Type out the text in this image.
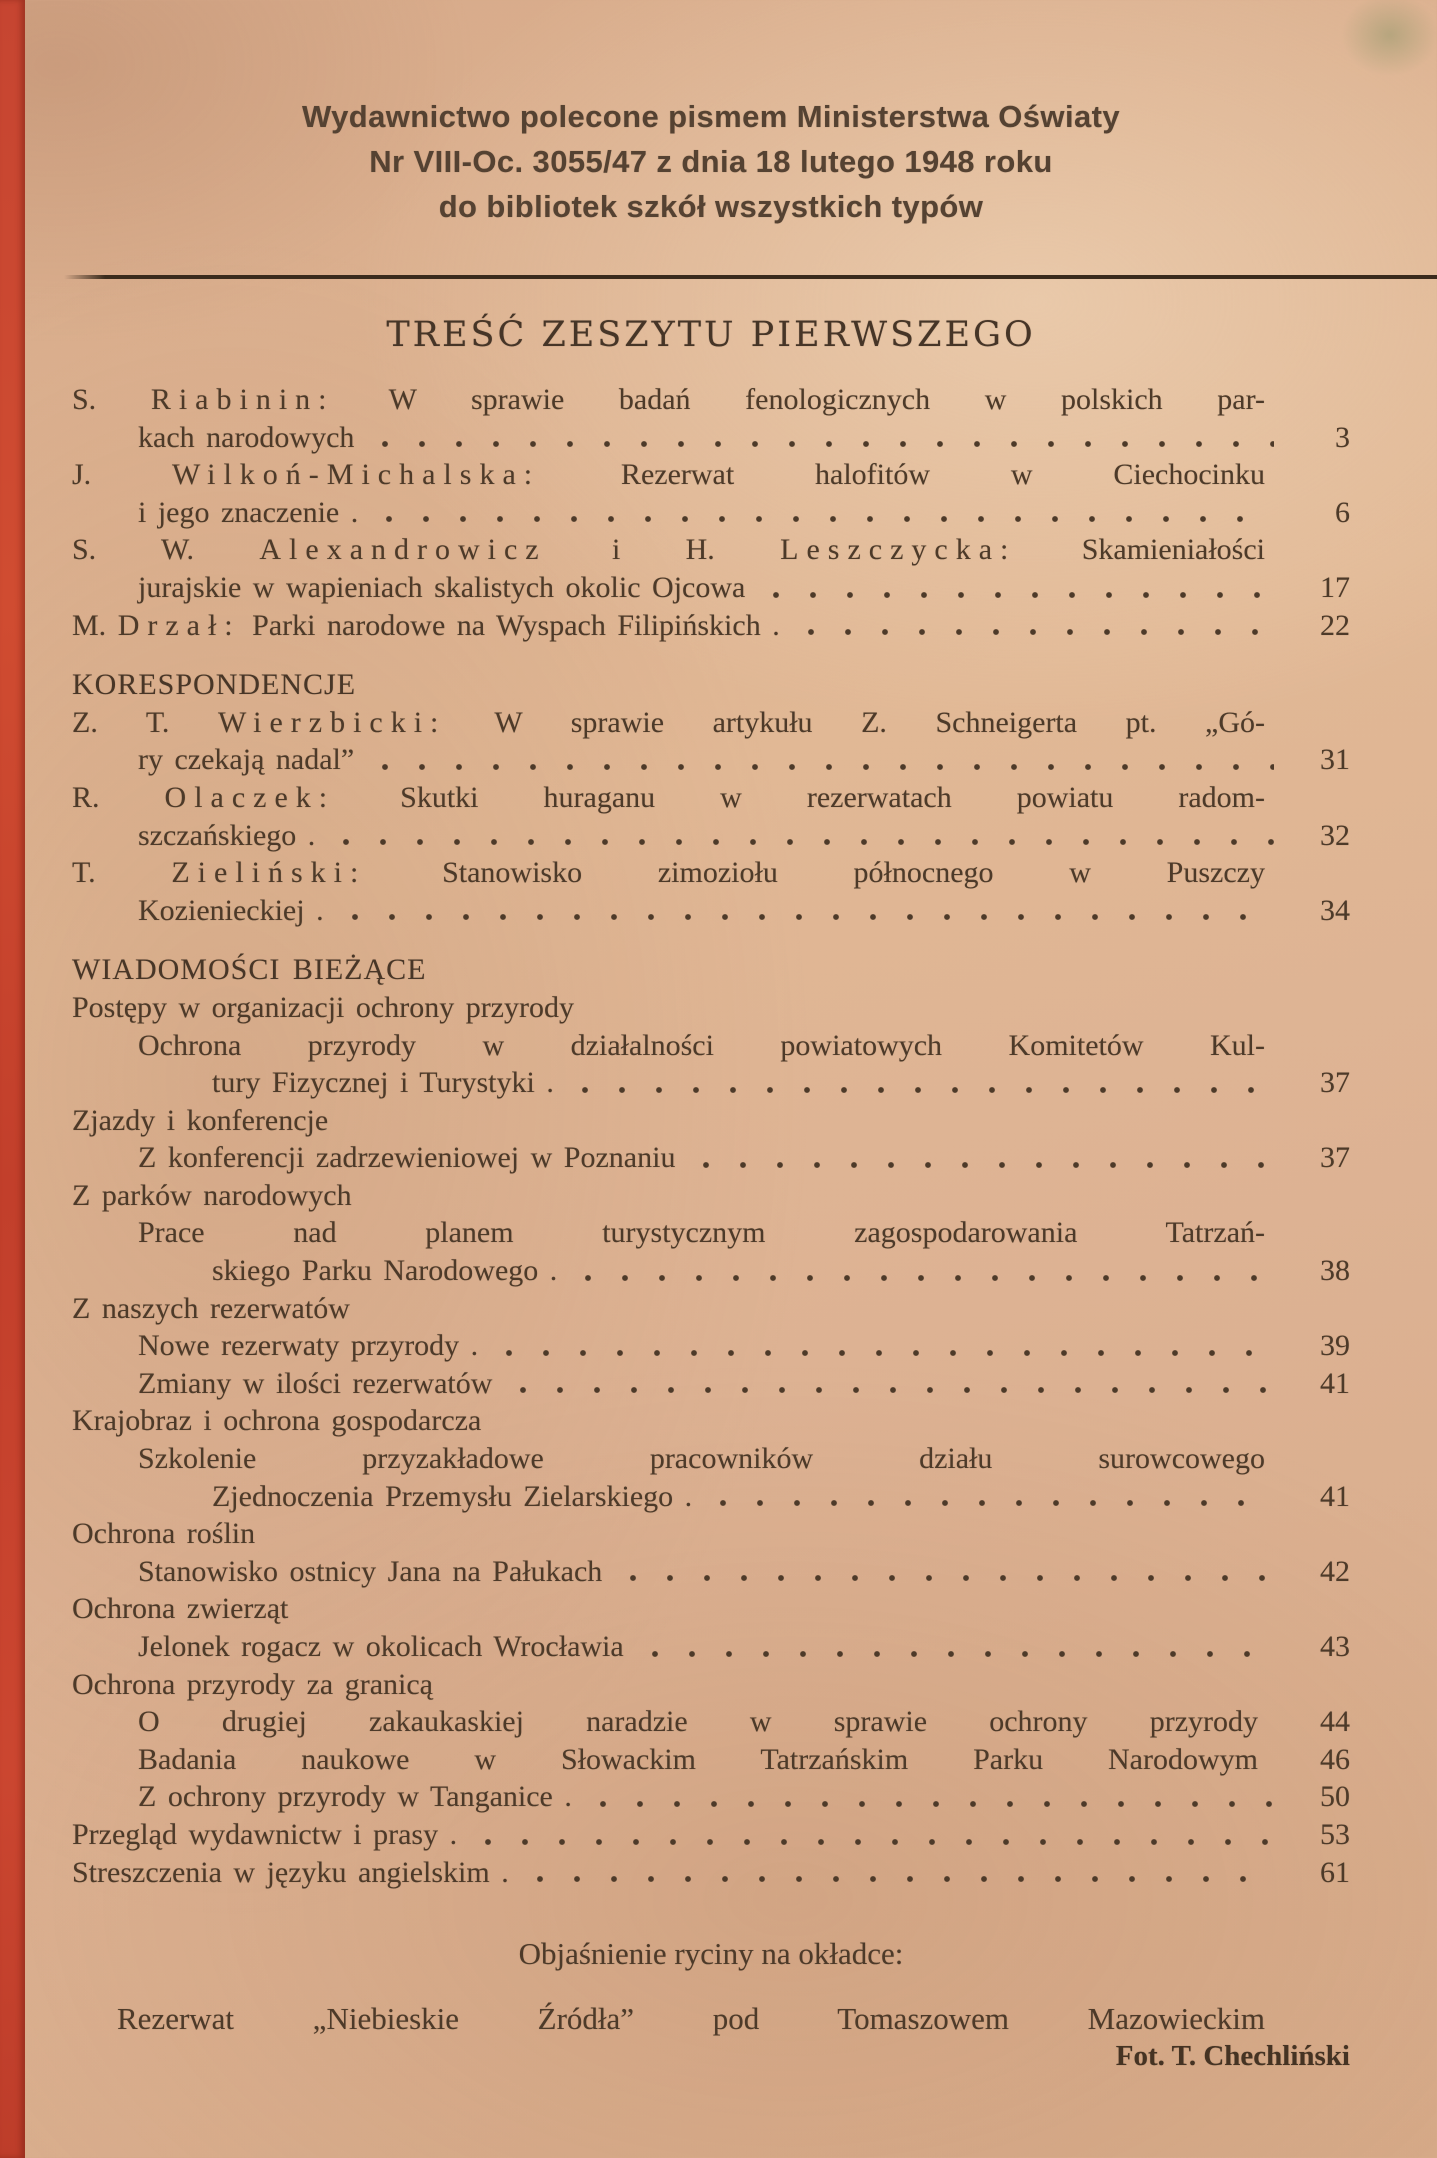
Wydawnictwo polecone pismem Ministerstwa Oświaty
Nr VIII-Oc. 3055/47 z dnia 18 lutego 1948 roku
do bibliotek szkół wszystkich typów
TREŚĆ ZESZYTU PIERWSZEGO
S. Riabinin: W sprawie badań fenologicznych w polskich par-
kach narodowych	3
J. Wilkoń-Michalska: Rezerwat halofitów w Ciechocinku
i jego znaczenie .	6
S. W. Alexandrowicz i H. Leszczycka: Skamieniałości
jurajskie w wapieniach skalistych okolic Ojcowa	17
M. Drzał: Parki narodowe na Wyspach Filipińskich .	22
KORESPONDENCJE
Z. T. Wierzbicki: W sprawie artykułu Z. Schneigerta pt. „Gó-
ry czekają nadal”	31
R. Olaczek: Skutki huraganu w rezerwatach powiatu radom-
szczańskiego .	32
T. Zieliński: Stanowisko zimoziołu północnego w Puszczy
Kozienieckiej .	34
WIADOMOŚCI BIEŻĄCE
Postępy w organizacji ochrony przyrody
Ochrona przyrody w działalności powiatowych Komitetów Kul-
tury Fizycznej i Turystyki .	37
Zjazdy i konferencje
Z konferencji zadrzewieniowej w Poznaniu	37
Z parków narodowych
Prace nad planem turystycznym zagospodarowania Tatrzań-
skiego Parku Narodowego .	38
Z naszych rezerwatów
Nowe rezerwaty przyrody .	39
Zmiany w ilości rezerwatów	41
Krajobraz i ochrona gospodarcza
Szkolenie przyzakładowe pracowników działu surowcowego
Zjednoczenia Przemysłu Zielarskiego .	41
Ochrona roślin
Stanowisko ostnicy Jana na Pałukach	42
Ochrona zwierząt
Jelonek rogacz w okolicach Wrocławia	43
Ochrona przyrody za granicą
O drugiej zakaukaskiej naradzie w sprawie ochrony przyrody	44
Badania naukowe w Słowackim Tatrzańskim Parku Narodowym	46
Z ochrony przyrody w Tanganice .	50
Przegląd wydawnictw i prasy .	53
Streszczenia w języku angielskim .	61
Objaśnienie ryciny na okładce:
Rezerwat „Niebieskie Źródła” pod Tomaszowem Mazowieckim
Fot. T. Chechliński
